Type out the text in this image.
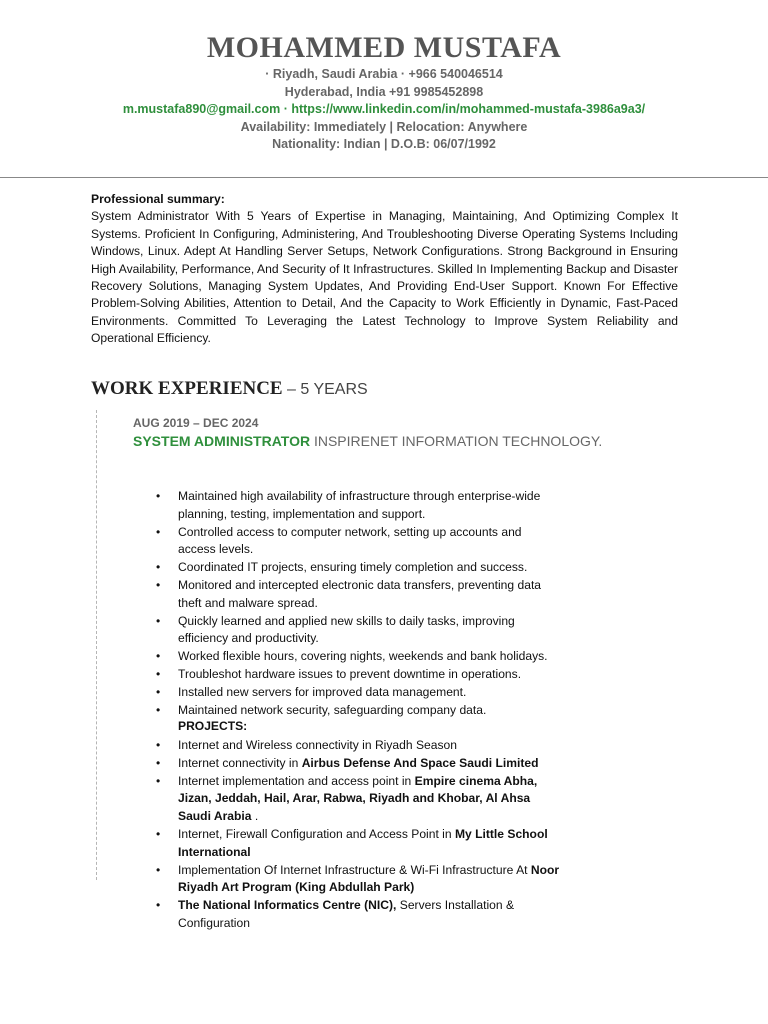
MOHAMMED MUSTAFA
· Riyadh, Saudi Arabia · +966 540046514
Hyderabad, India +91 9985452898
m.mustafa890@gmail.com · https://www.linkedin.com/in/mohammed-mustafa-3986a9a3/
Availability: Immediately | Relocation: Anywhere
Nationality: Indian | D.O.B: 06/07/1992
Professional summary:
System Administrator With 5 Years of Expertise in Managing, Maintaining, And Optimizing Complex It Systems. Proficient In Configuring, Administering, And Troubleshooting Diverse Operating Systems Including Windows, Linux. Adept At Handling Server Setups, Network Configurations. Strong Background in Ensuring High Availability, Performance, And Security of It Infrastructures. Skilled In Implementing Backup and Disaster Recovery Solutions, Managing System Updates, And Providing End-User Support. Known For Effective Problem-Solving Abilities, Attention to Detail, And the Capacity to Work Efficiently in Dynamic, Fast-Paced Environments. Committed To Leveraging the Latest Technology to Improve System Reliability and Operational Efficiency.
WORK EXPERIENCE – 5 YEARS
AUG 2019 – DEC 2024
SYSTEM ADMINISTRATOR INSPIRENET INFORMATION TECHNOLOGY.
• Maintained high availability of infrastructure through enterprise-wide planning, testing, implementation and support.
• Controlled access to computer network, setting up accounts and access levels.
• Coordinated IT projects, ensuring timely completion and success.
• Monitored and intercepted electronic data transfers, preventing data theft and malware spread.
• Quickly learned and applied new skills to daily tasks, improving efficiency and productivity.
• Worked flexible hours, covering nights, weekends and bank holidays.
• Troubleshot hardware issues to prevent downtime in operations.
• Installed new servers for improved data management.
• Maintained network security, safeguarding company data.
PROJECTS:
• Internet and Wireless connectivity in Riyadh Season
• Internet connectivity in Airbus Defense And Space Saudi Limited
• Internet implementation and access point in Empire cinema Abha, Jizan, Jeddah, Hail, Arar, Rabwa, Riyadh and Khobar, Al Ahsa Saudi Arabia .
• Internet, Firewall Configuration and Access Point in My Little School International
• Implementation Of Internet Infrastructure & Wi-Fi Infrastructure At Noor Riyadh Art Program (King Abdullah Park)
• The National Informatics Centre (NIC), Servers Installation & Configuration
